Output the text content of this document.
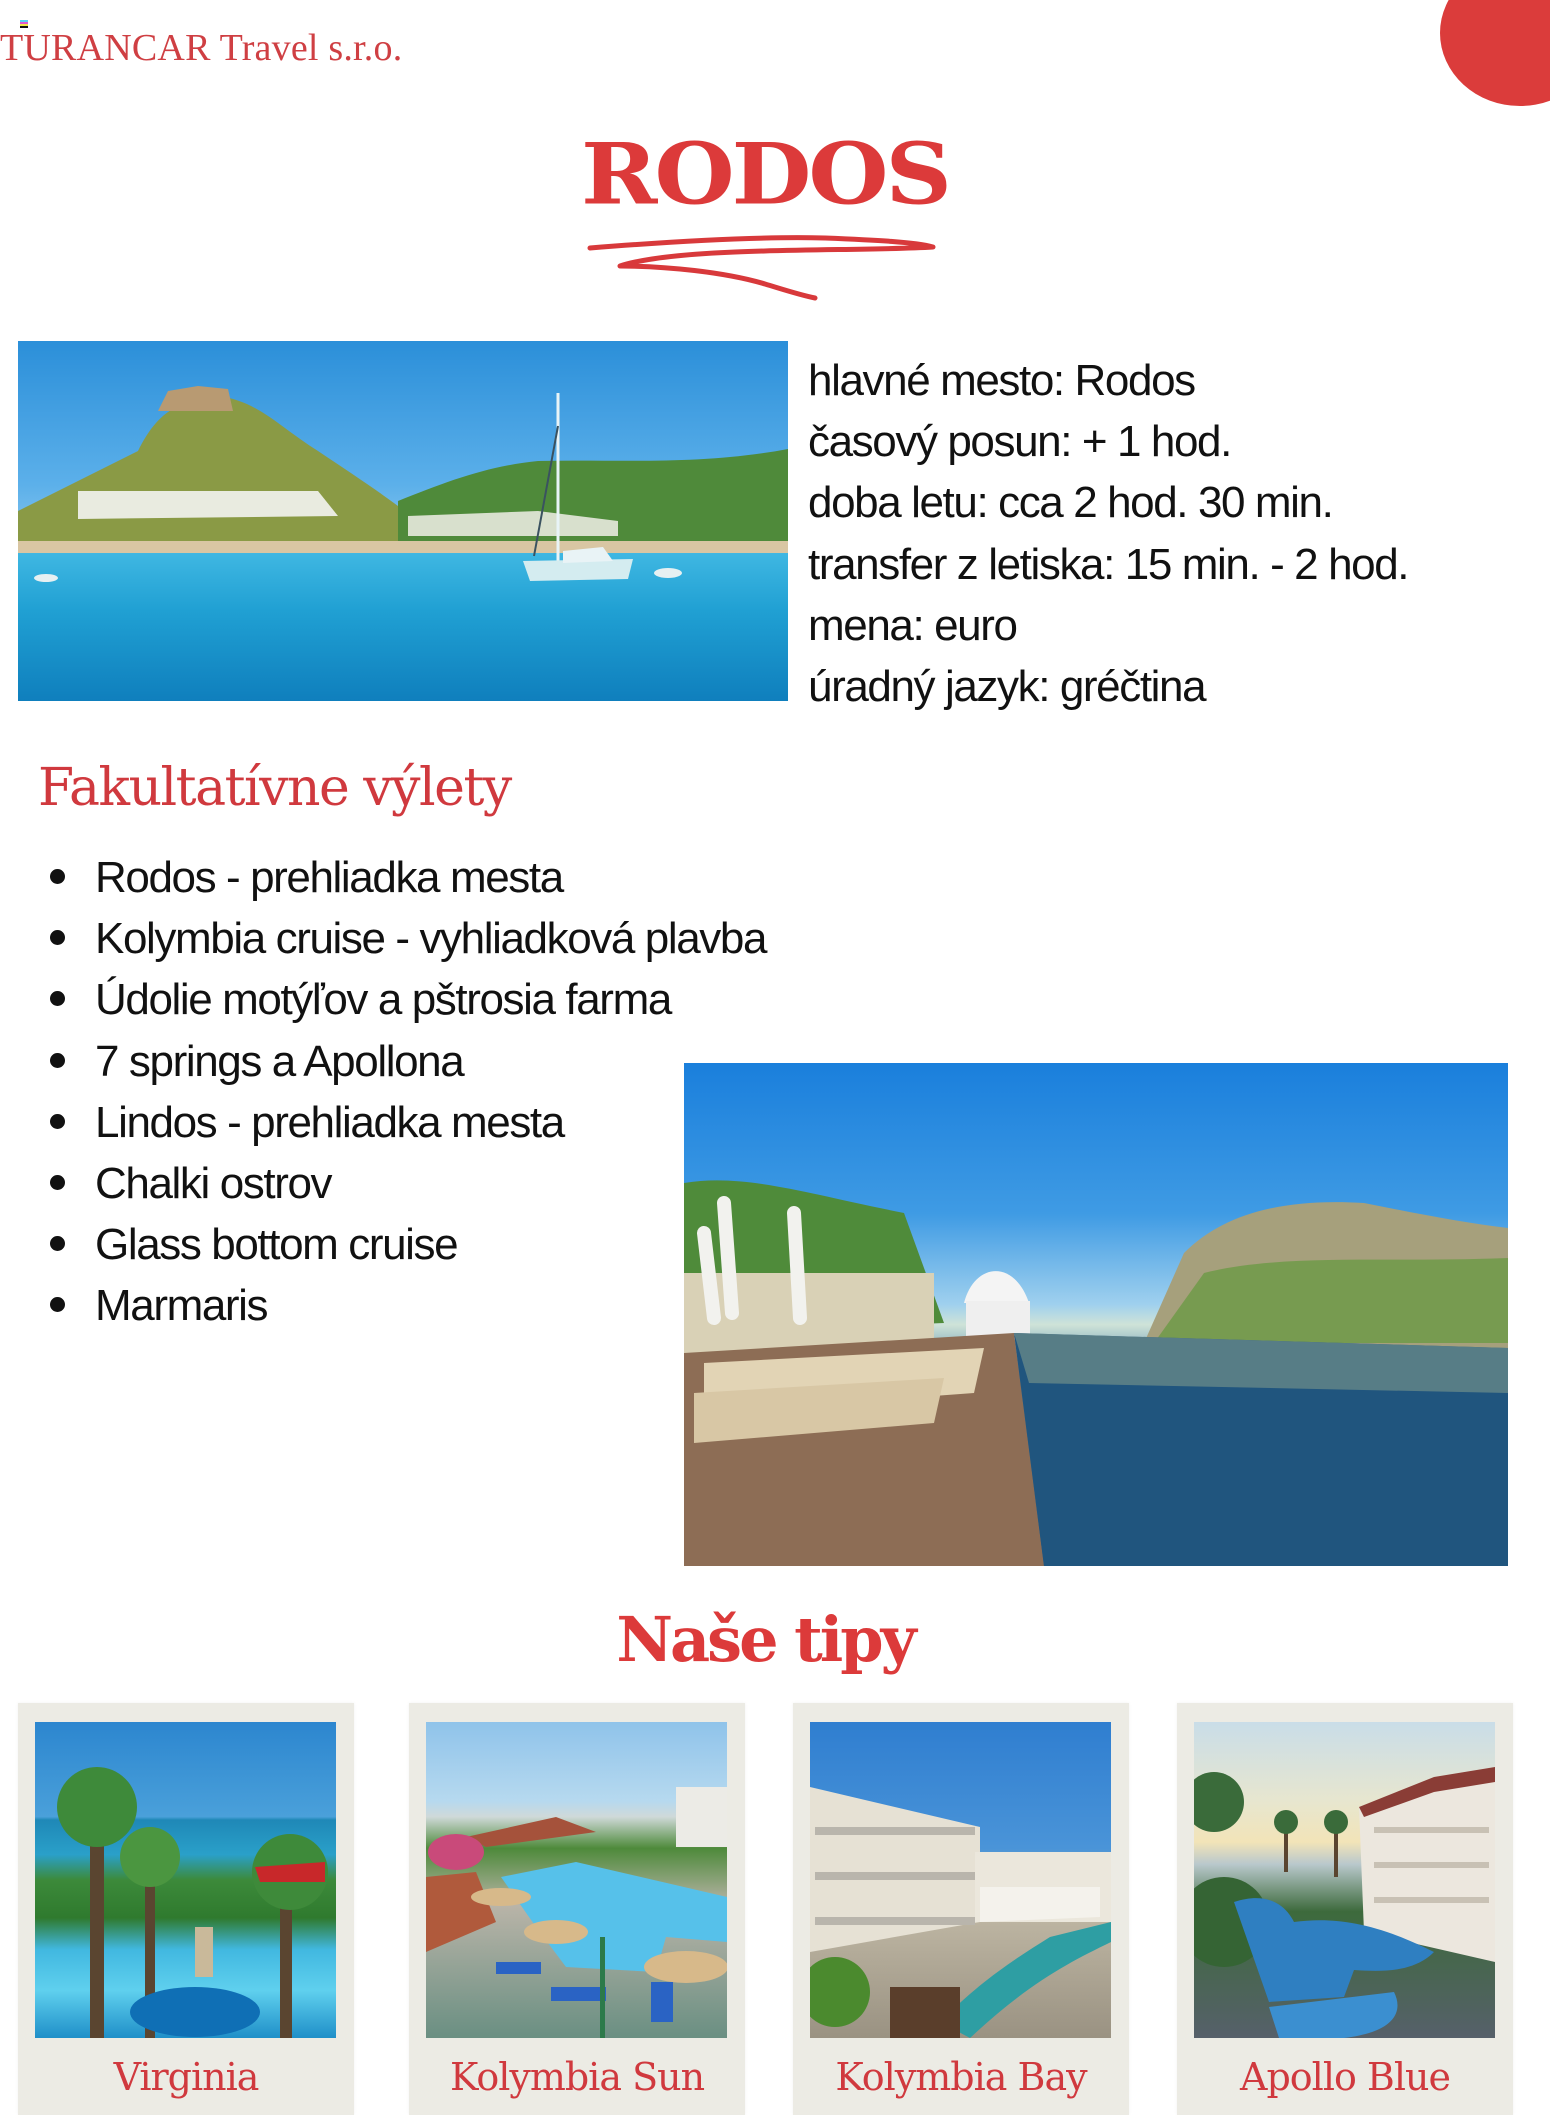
TURANCAR Travel s.r.o.
RODOS
hlavné mesto: Rodos
časový posun: + 1 hod.
doba letu: cca 2 hod. 30 min.
transfer z letiska: 15 min. - 2 hod.
mena: euro
úradný jazyk: gréčtina
Fakultatívne výlety
Rodos - prehliadka mesta
Kolymbia cruise - vyhliadková plavba
Údolie motýľov a pštrosia farma
7 springs a Apollona
Lindos - prehliadka mesta
Chalki ostrov
Glass bottom cruise
Marmaris
Naše tipy
Virginia	Kolymbia Sun	Kolymbia Bay	Apollo Blue
